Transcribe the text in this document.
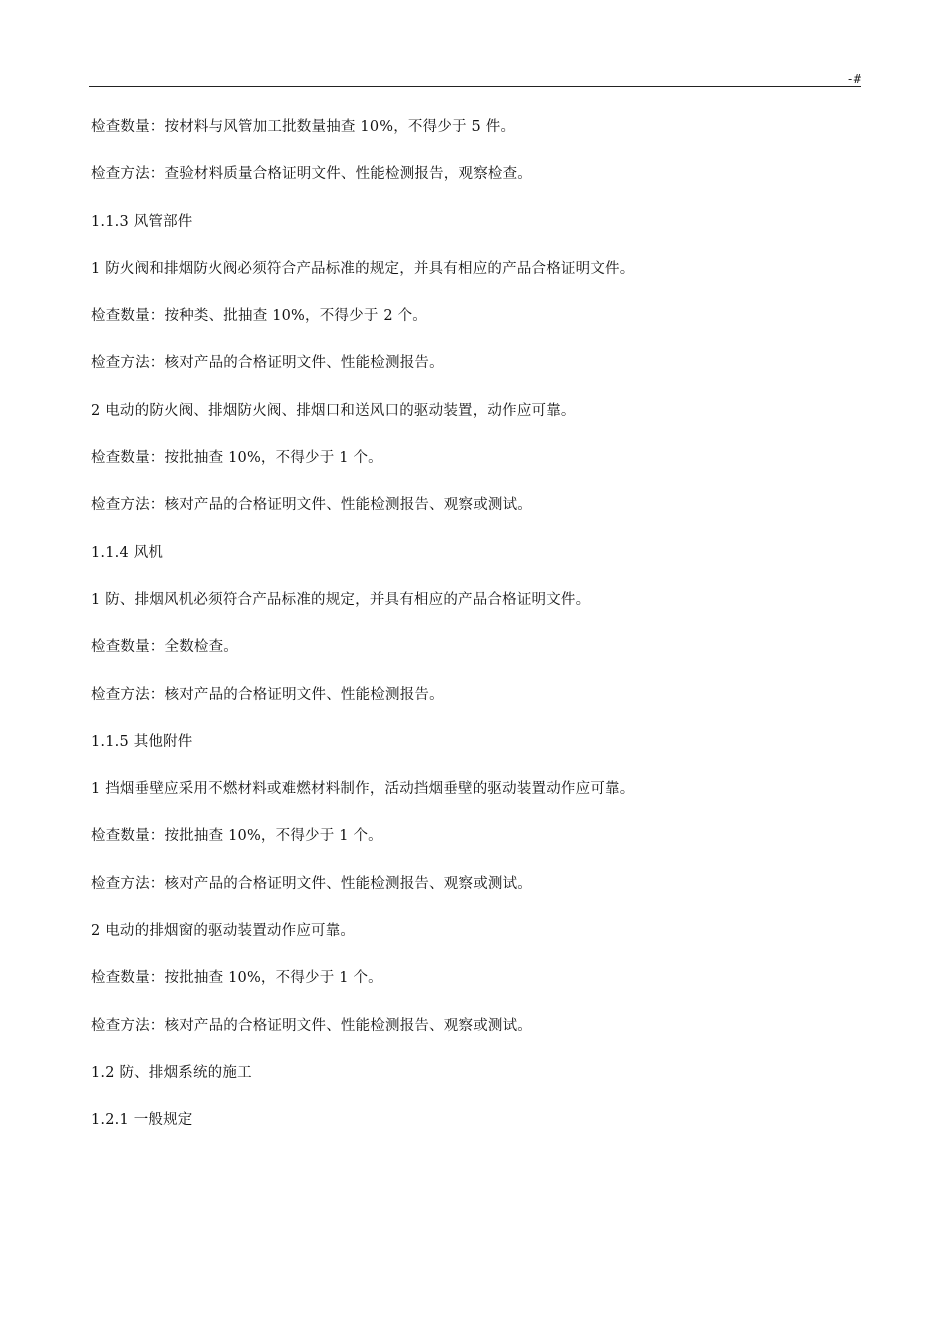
-#
检查数量：按材料与风管加工批数量抽查 10%，不得少于 5 件。
检查方法：查验材料质量合格证明文件、性能检测报告，观察检查。
1.1.3 风管部件
1 防火阀和排烟防火阀必须符合产品标准的规定，并具有相应的产品合格证明文件。
检查数量：按种类、批抽查 10%，不得少于 2 个。
检查方法：核对产品的合格证明文件、性能检测报告。
2 电动的防火阀、排烟防火阀、排烟口和送风口的驱动装置，动作应可靠。
检查数量：按批抽查 10%，不得少于 1 个。
检查方法：核对产品的合格证明文件、性能检测报告、观察或测试。
1.1.4 风机
1 防、排烟风机必须符合产品标准的规定，并具有相应的产品合格证明文件。
检查数量：全数检查。
检查方法：核对产品的合格证明文件、性能检测报告。
1.1.5 其他附件
1 挡烟垂壁应采用不燃材料或难燃材料制作，活动挡烟垂壁的驱动装置动作应可靠。
检查数量：按批抽查 10%，不得少于 1 个。
检查方法：核对产品的合格证明文件、性能检测报告、观察或测试。
2 电动的排烟窗的驱动装置动作应可靠。
检查数量：按批抽查 10%，不得少于 1 个。
检查方法：核对产品的合格证明文件、性能检测报告、观察或测试。
1.2 防、排烟系统的施工
1.2.1 一般规定
